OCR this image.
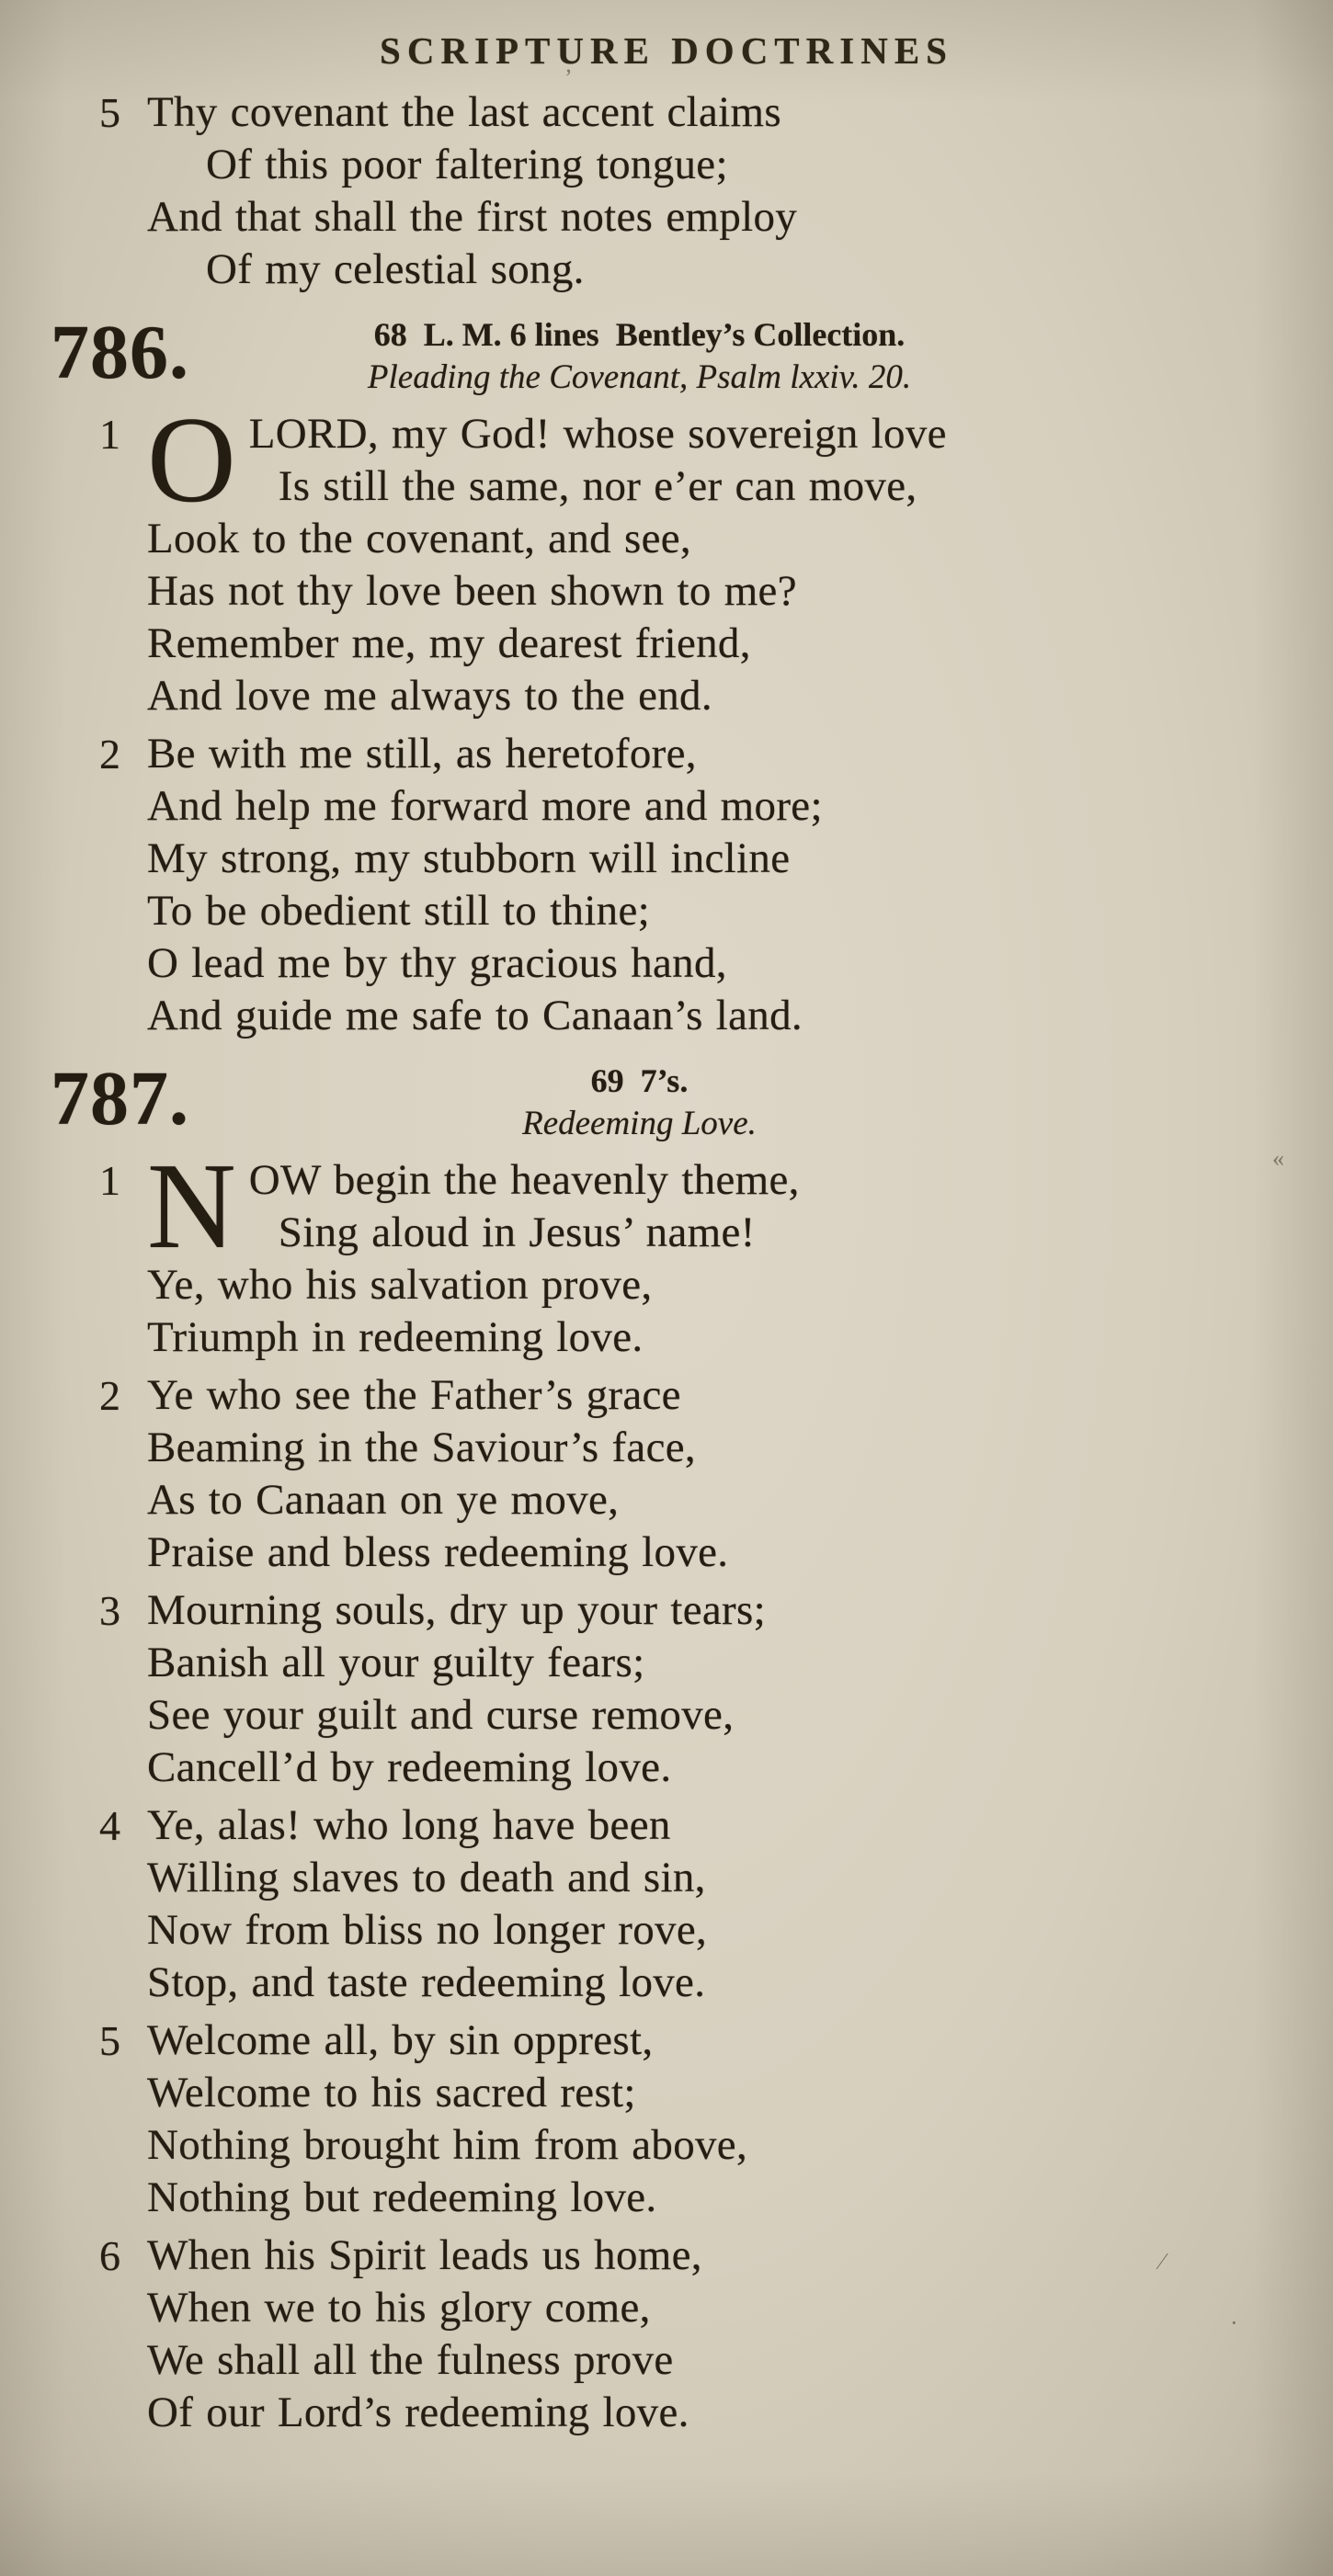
SCRIPTURE DOCTRINES
5 Thy covenant the last accent claims
Of this poor faltering tongue;
And that shall the first notes employ
Of my celestial song.
786.	68  L. M. 6 lines  Bentley’s Collection.
Pleading the Covenant, Psalm lxxiv. 20.
1 O LORD, my God! whose sovereign love
Is still the same, nor e’er can move,
Look to the covenant, and see,
Has not thy love been shown to me?
Remember me, my dearest friend,
And love me always to the end.
2 Be with me still, as heretofore,
And help me forward more and more;
My strong, my stubborn will incline
To be obedient still to thine;
O lead me by thy gracious hand,
And guide me safe to Canaan’s land.
787.	69  7’s.
Redeeming Love.
1 N OW begin the heavenly theme,
Sing aloud in Jesus’ name!
Ye, who his salvation prove,
Triumph in redeeming love.
2 Ye who see the Father’s grace
Beaming in the Saviour’s face,
As to Canaan on ye move,
Praise and bless redeeming love.
3 Mourning souls, dry up your tears;
Banish all your guilty fears;
See your guilt and curse remove,
Cancell’d by redeeming love.
4 Ye, alas! who long have been
Willing slaves to death and sin,
Now from bliss no longer rove,
Stop, and taste redeeming love.
5 Welcome all, by sin opprest,
Welcome to his sacred rest;
Nothing brought him from above,
Nothing but redeeming love.
6 When his Spirit leads us home,
When we to his glory come,
We shall all the fulness prove
Of our Lord’s redeeming love.
’
«
∕
·
